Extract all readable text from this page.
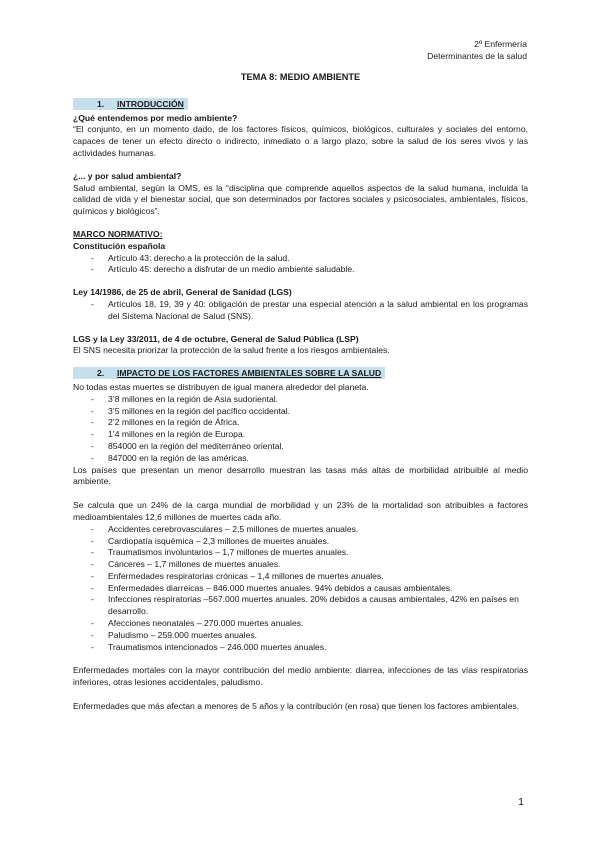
2º Enfermería
Determinantes de la salud
TEMA 8: MEDIO AMBIENTE
1. INTRODUCCIÓN

¿Qué entendemos por medio ambiente?

“El conjunto, en un momento dado, de los factores físicos, químicos, biológicos, culturales y sociales del entorno, capaces de tener un efecto directo o indirecto, inmediato o a largo plazo, sobre la salud de los seres vivos y las actividades humanas.

¿... y por salud ambiental?

Salud ambiental, según la OMS, es la “disciplina que comprende aquellos aspectos de la salud humana, incluida la calidad de vida y el bienestar social, que son determinados por factores sociales y psicosociales, ambientales, físicos, químicos y biológicos”.

MARCO NORMATIVO:

Constitución española

- Artículo 43: derecho a la protección de la salud.
- Artículo 45: derecho a disfrutar de un medio ambiente saludable.

Ley 14/1986, de 25 de abril, General de Sanidad (LGS)

- Artículos 18, 19, 39 y 40: obligación de prestar una especial atención a la salud ambiental en los programas del Sistema Nacional de Salud (SNS).

LGS y la Ley 33/2011, de 4 de octubre, General de Salud Pública (LSP)

El SNS necesita priorizar la protección de la salud frente a los riesgos ambientales.

2. IMPACTO DE LOS FACTORES AMBIENTALES SOBRE LA SALUD

No todas estas muertes se distribuyen de igual manera alrededor del planeta.

- 3’8 millones en la región de Asia sudoriental.
- 3’5 millones en la región del pacífico occidental.
- 2’2 millones en la región de África.
- 1’4 millones en la región de Europa.
- 854000 en la región del mediterráneo oriental.
- 847000 en la región de las américas.

Los países que presentan un menor desarrollo muestran las tasas más altas de morbilidad atribuible al medio ambiente.

Se calcula que un 24% de la carga mundial de morbilidad y un 23% de la mortalidad son atribuibles a factores medioambientales 12,6 millones de muertes cada año.

- Accidentes cerebrovasculares – 2,5 millones de muertes anuales.
- Cardiopatía isquémica – 2,3 millones de muertes anuales.
- Traumatismos involuntarios – 1,7 millones de muertes anuales.
- Cánceres – 1,7 millones de muertes anuales.
- Enfermedades respiratorias crónicas – 1,4 millones de muertes anuales.
- Enfermedades diarreicas – 846.000 muertes anuales. 94% debidos a causas ambientales.
- Infecciones respiratorias –567.000 muertes anuales. 20% debidos a causas ambientales, 42% en países en desarrollo.
- Afecciones neonatales – 270.000 muertes anuales.
- Paludismo – 259.000 muertes anuales.
- Traumatismos intencionados – 246.000 muertes anuales.

Enfermedades mortales con la mayor contribución del medio ambiente: diarrea, infecciones de las vías respiratorias inferiores, otras lesiones accidentales, paludismo.

Enfermedades que más afectan a menores de 5 años y la contribución (en rosa) que tienen los factores ambientales.

1
